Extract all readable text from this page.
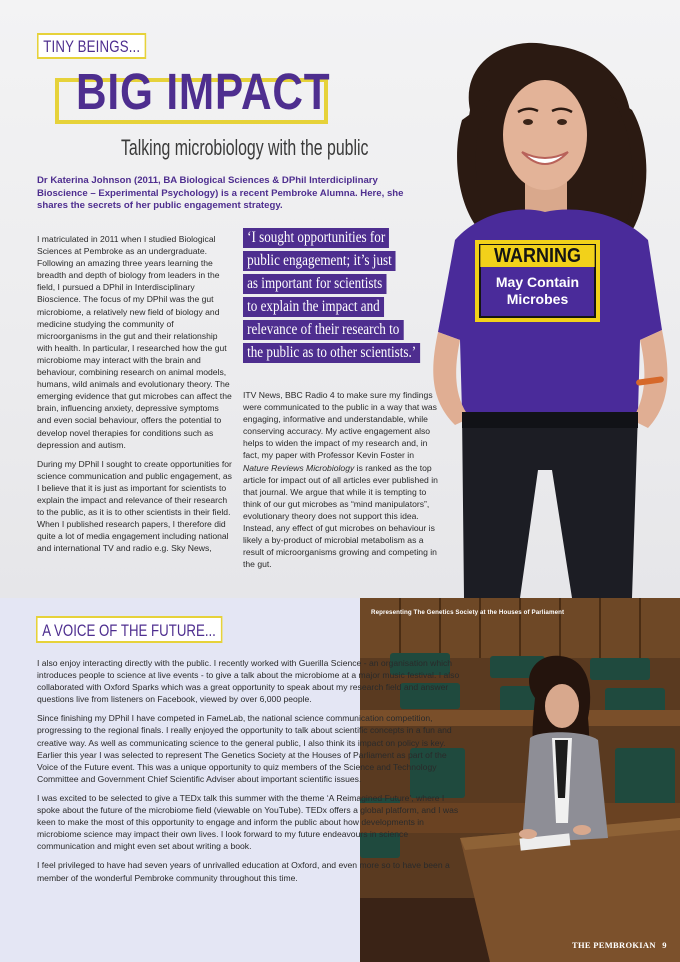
WARNING
May Contain
Microbes
TINY BEINGS...
BIG IMPACT
Talking microbiology with the public
Dr Katerina Johnson (2011, BA Biological Sciences & DPhil Interdiciplinary Bioscience – Experimental Psychology) is a recent Pembroke Alumna. Here, she shares the secrets of her public engagement strategy.

I matriculated in 2011 when I studied Biological Sciences at Pembroke as an undergraduate. Following an amazing three years learning the breadth and depth of biology from leaders in the field, I pursued a DPhil in Interdisciplinary Bioscience. The focus of my DPhil was the gut microbiome, a relatively new field of biology and medicine studying the community of microorganisms in the gut and their relationship with health. In particular, I researched how the gut microbiome may interact with the brain and behaviour, combining research on animal models, humans, wild animals and evolutionary theory. The emerging evidence that gut microbes can affect the brain, influencing anxiety, depressive symptoms and even social behaviour, offers the potential to develop novel therapies for conditions such as depression and autism.

During my DPhil I sought to create opportunities for science communication and public engagement, as I believe that it is just as important for scientists to explain the impact and relevance of their research to the public, as it is to other scientists in their field. When I published research papers, I therefore did quite a lot of media engagement including national and international TV and radio e.g. Sky News,

‘I sought opportunities for
public engagement; it’s just
as important for scientists
to explain the impact and
relevance of their research to
the public as to other scientists.’
ITV News, BBC Radio 4 to make sure my findings were communicated to the public in a way that was engaging, informative and understandable, while conserving accuracy. My active engagement also helps to widen the impact of my research and, in fact, my paper with Professor Kevin Foster in Nature Reviews Microbiology is ranked as the top article for impact out of all articles ever published in that journal. We argue that while it is tempting to think of our gut microbes as “mind manipulators”, evolutionary theory does not support this idea. Instead, any effect of gut microbes on behaviour is likely a by-product of microbial metabolism as a result of microorganisms growing and competing in the gut.
Representing The Genetics Society at the Houses of Parliament
A VOICE OF THE FUTURE...

I also enjoy interacting directly with the public. I recently worked with Guerilla Science - an organisation which introduces people to science at live events - to give a talk about the microbiome at a major music festival. I also collaborated with Oxford Sparks which was a great opportunity to speak about my research field and answer questions live from listeners on Facebook, viewed by over 6,000 people.

Since finishing my DPhil I have competed in FameLab, the national science communication competition, progressing to the regional finals. I really enjoyed the opportunity to talk about scientific concepts in a fun and creative way. As well as communicating science to the general public, I also think its impact on policy is key. Earlier this year I was selected to represent The Genetics Society at the Houses of Parliament as part of the Voice of the Future event. This was a unique opportunity to quiz members of the Science and Technology Committee and Government Chief Scientific Adviser about important scientific issues.

I was excited to be selected to give a TEDx talk this summer with the theme ‘A Reimagined Future’, where I spoke about the future of the microbiome field (viewable on YouTube). TEDx offers a global platform, and I was keen to make the most of this opportunity to engage and inform the public about how developments in microbiome science may impact their own lives. I look forward to my future endeavours in science communication and might even set about writing a book.

I feel privileged to have had seven years of unrivalled education at Oxford, and even more so to have been a member of the wonderful Pembroke community throughout this time.

THE PEMBROKIAN 9
